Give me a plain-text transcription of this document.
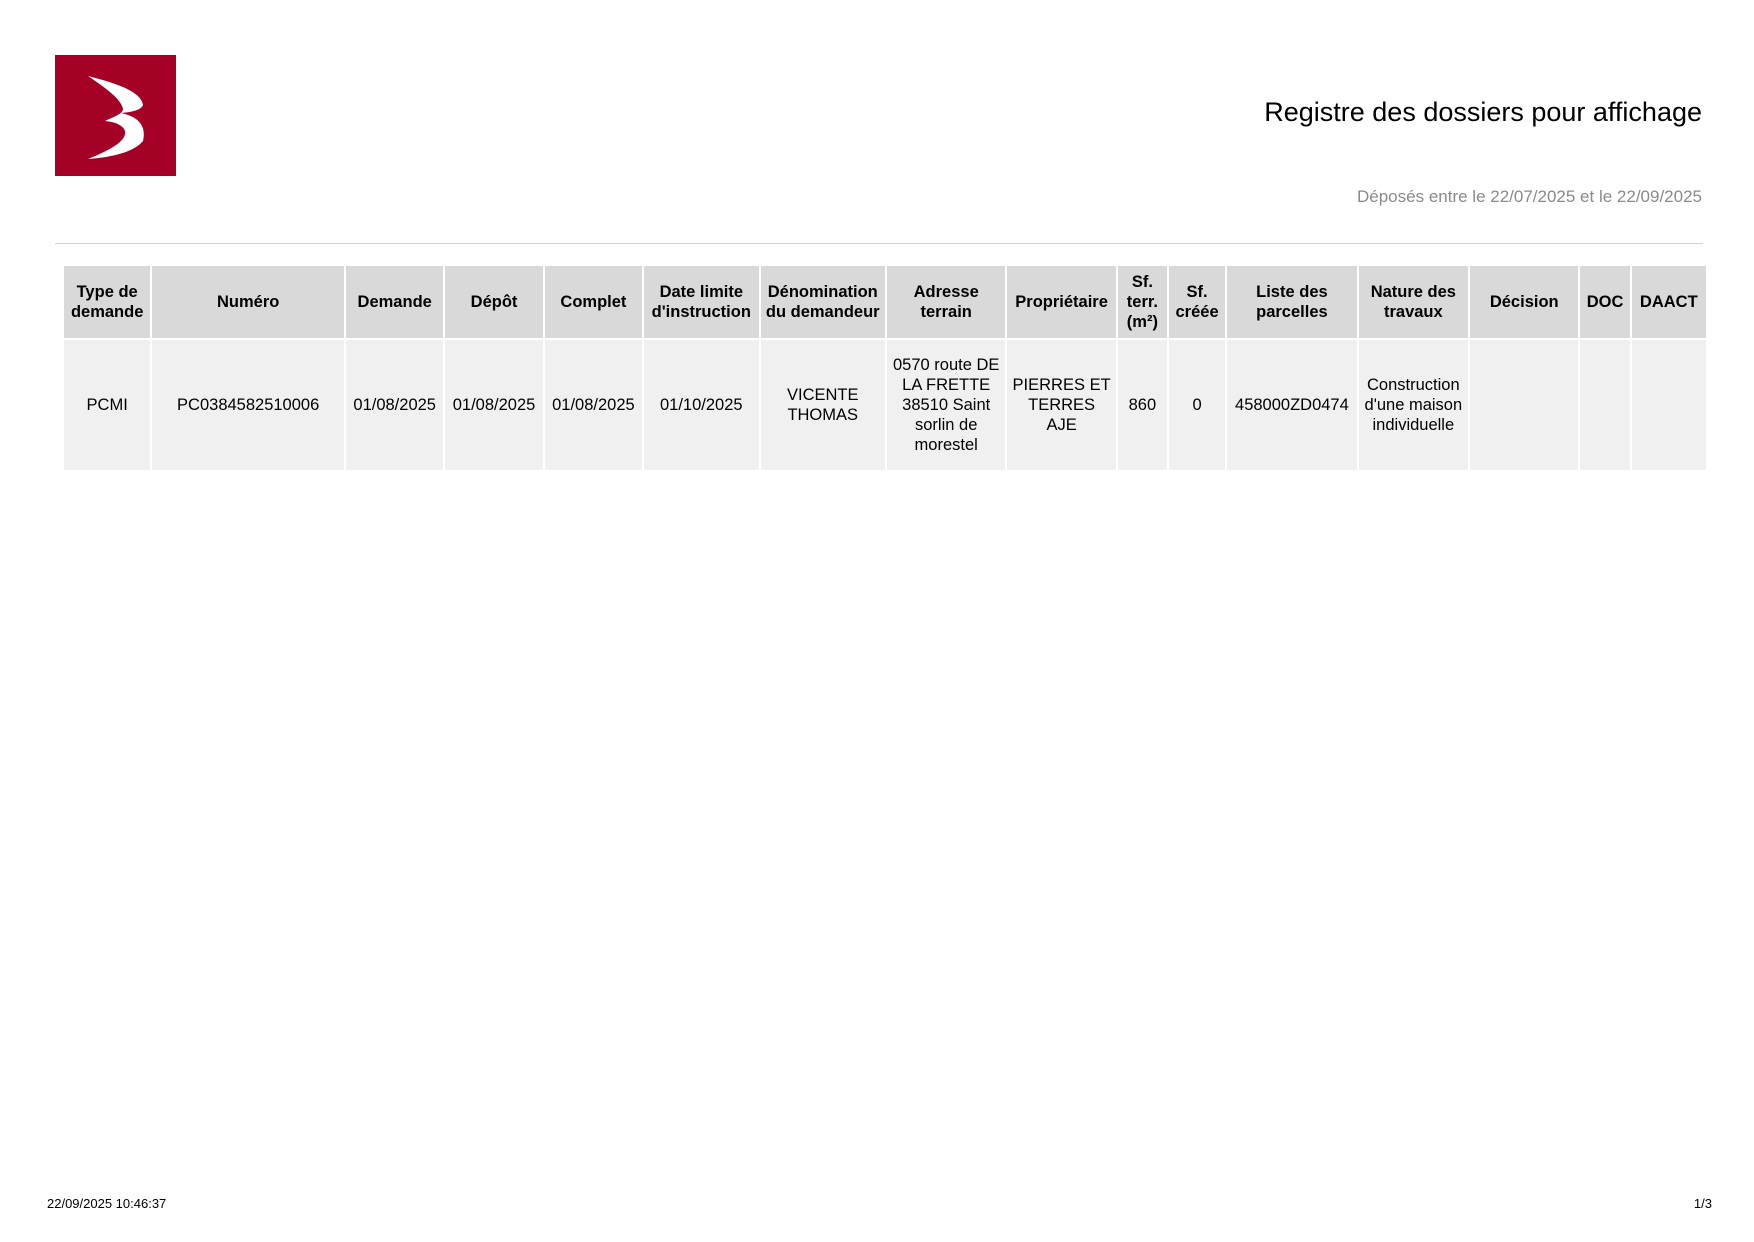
Registre des dossiers pour affichage
Déposés entre le 22/07/2025 et le 22/09/2025
Type de demande	Numéro	Demande	Dépôt	Complet	Date limite d'instruction	Dénomination du demandeur	Adresse terrain	Propriétaire	Sf. terr. (m²)	Sf. créée	Liste des parcelles	Nature des travaux	Décision	DOC	DAACT
PCMI	PC0384582510006	01/08/2025	01/08/2025	01/08/2025	01/10/2025	VICENTE THOMAS	0570 route DE LA FRETTE 38510 Saint sorlin de morestel	PIERRES ET TERRES AJE	860	0	458000ZD0474	Construction d'une maison individuelle			
22/09/2025 10:46:37	1/3
